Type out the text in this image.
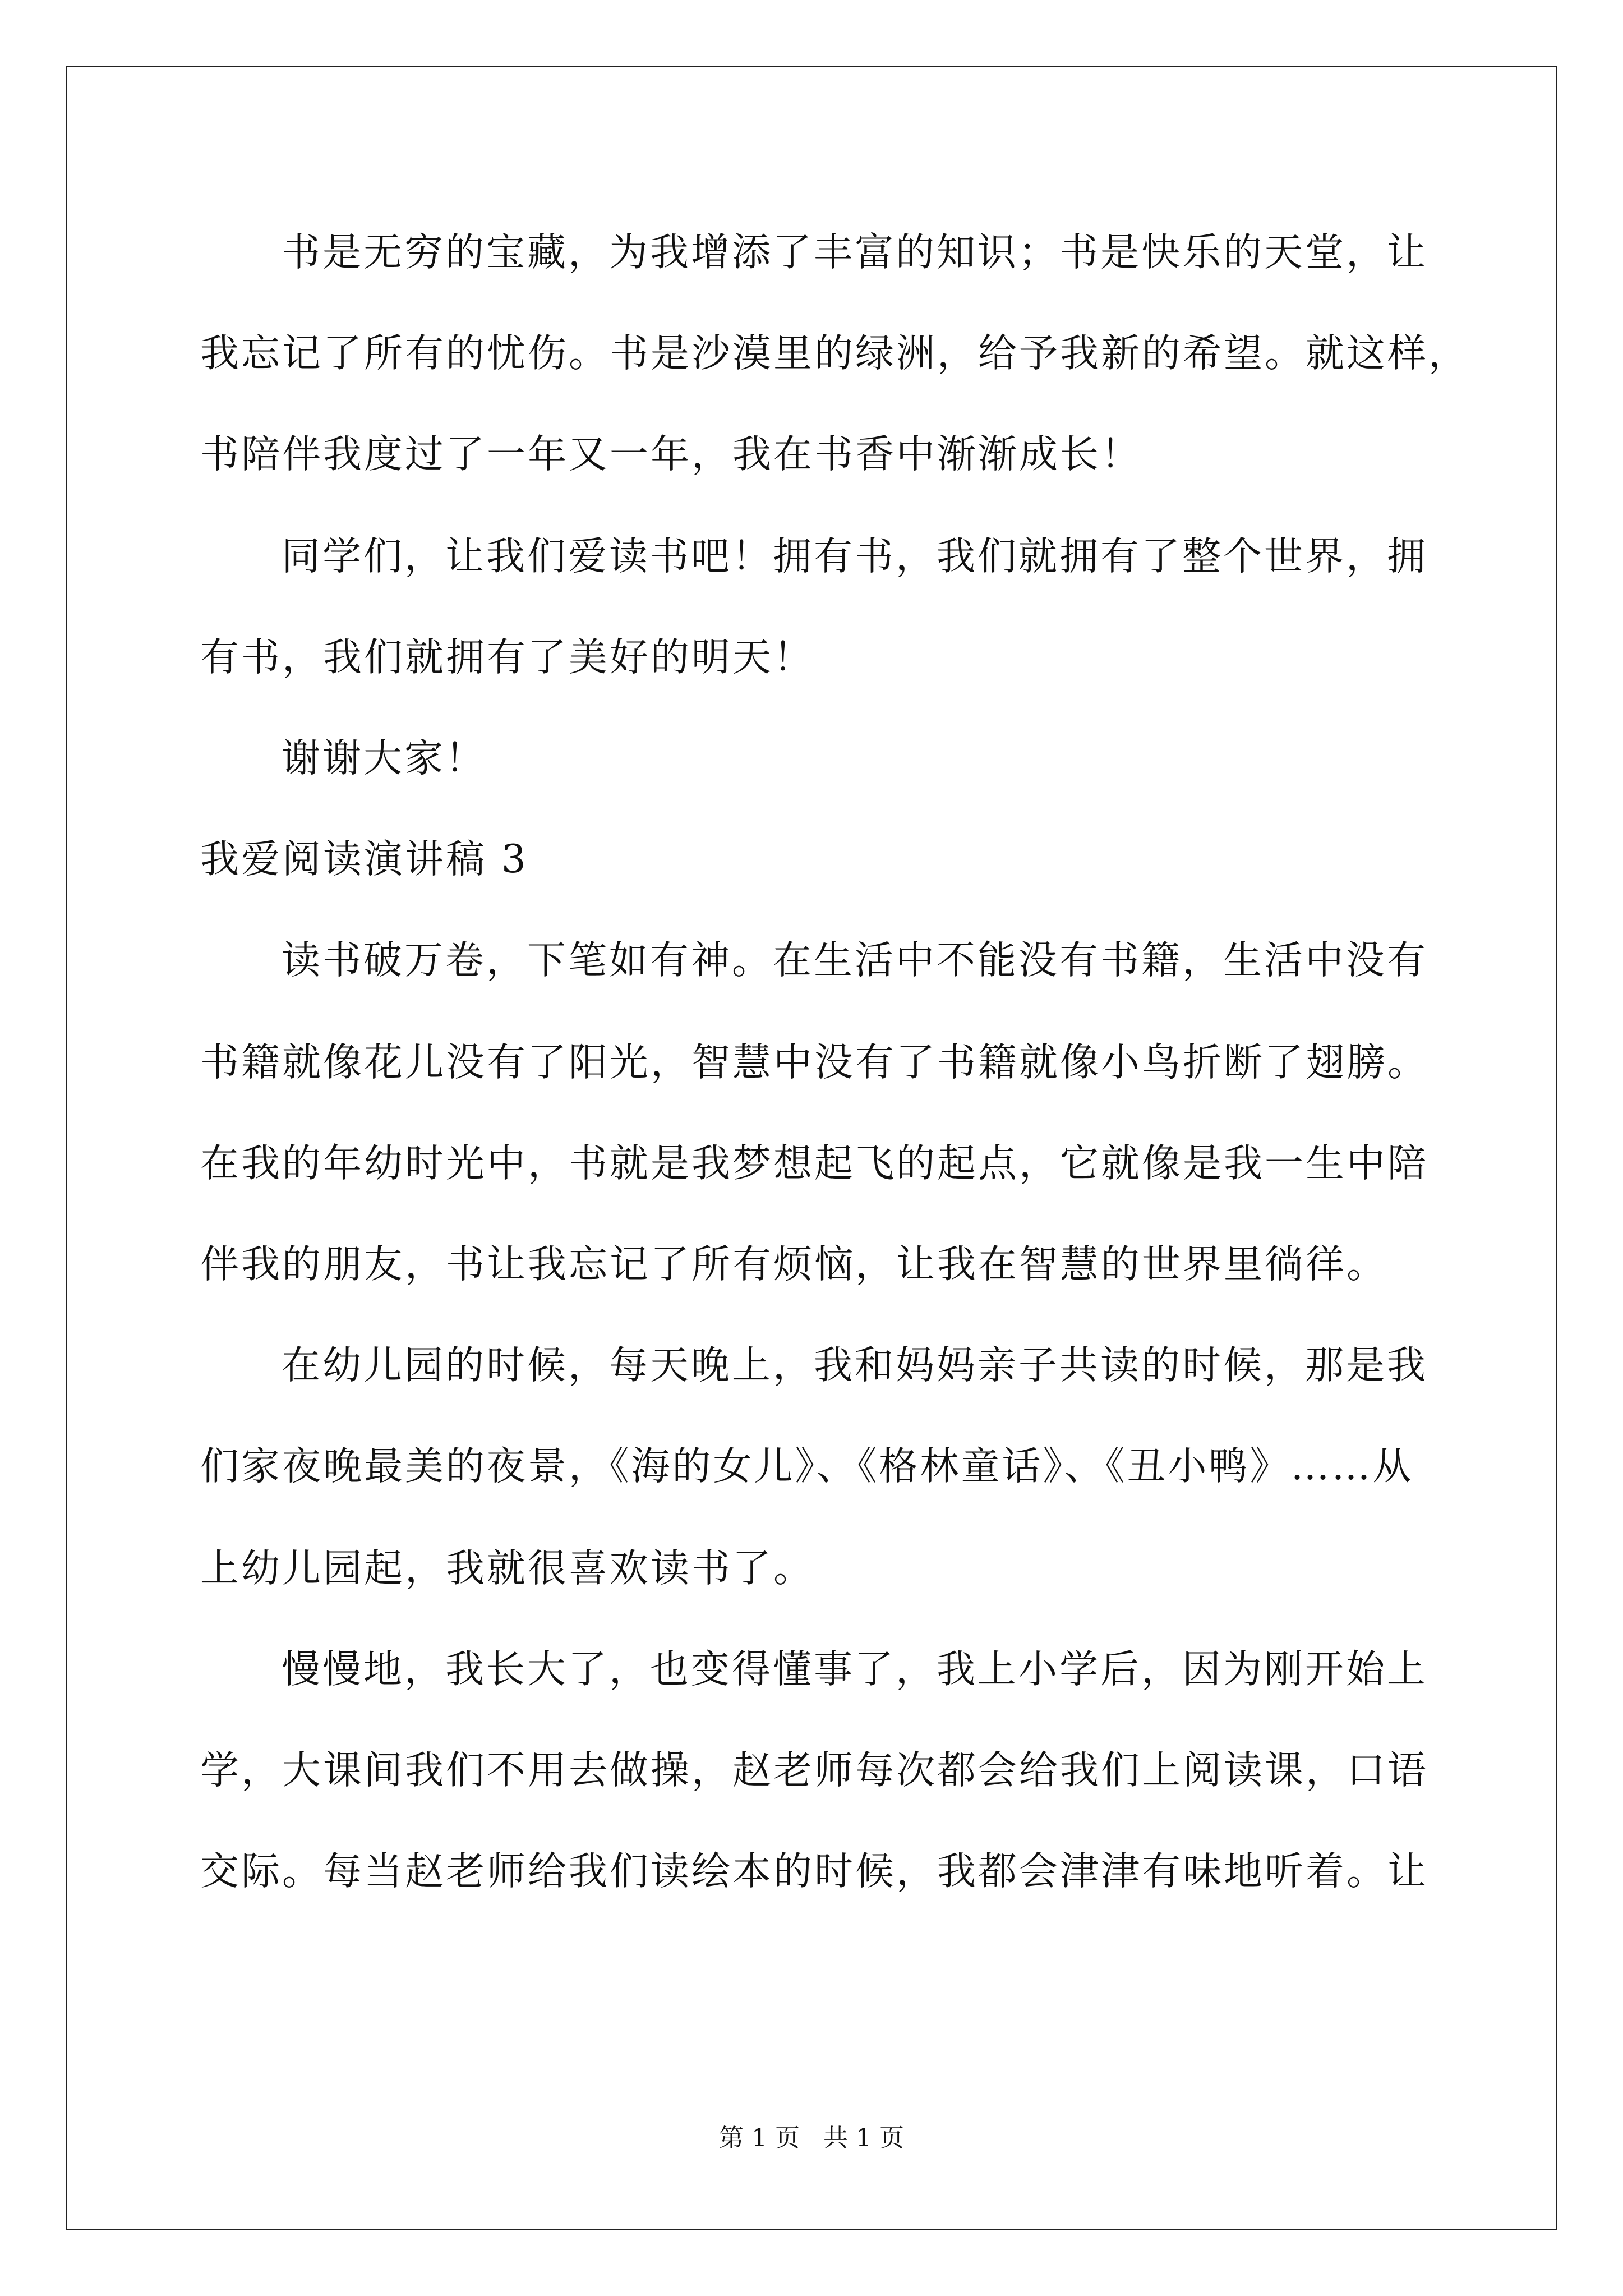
书是无穷的宝藏，为我增添了丰富的知识；书是快乐的天堂，让
我忘记了所有的忧伤。书是沙漠里的绿洲，给予我新的希望。就这样，
书陪伴我度过了一年又一年，我在书香中渐渐成长！
同学们，让我们爱读书吧！拥有书，我们就拥有了整个世界，拥
有书，我们就拥有了美好的明天！
谢谢大家！
我爱阅读演讲稿 3
读书破万卷，下笔如有神。在生活中不能没有书籍，生活中没有
书籍就像花儿没有了阳光，智慧中没有了书籍就像小鸟折断了翅膀。
在我的年幼时光中，书就是我梦想起飞的起点，它就像是我一生中陪
伴我的朋友，书让我忘记了所有烦恼，让我在智慧的世界里徜徉。
在幼儿园的时候，每天晚上，我和妈妈亲子共读的时候，那是我
们家夜晚最美的夜景，《海的女儿》、《格林童话》、《丑小鸭》……从
上幼儿园起，我就很喜欢读书了。
慢慢地，我长大了，也变得懂事了，我上小学后，因为刚开始上
学，大课间我们不用去做操，赵老师每次都会给我们上阅读课，口语
交际。每当赵老师给我们读绘本的时候，我都会津津有味地听着。让
第 1 页   共 1 页
